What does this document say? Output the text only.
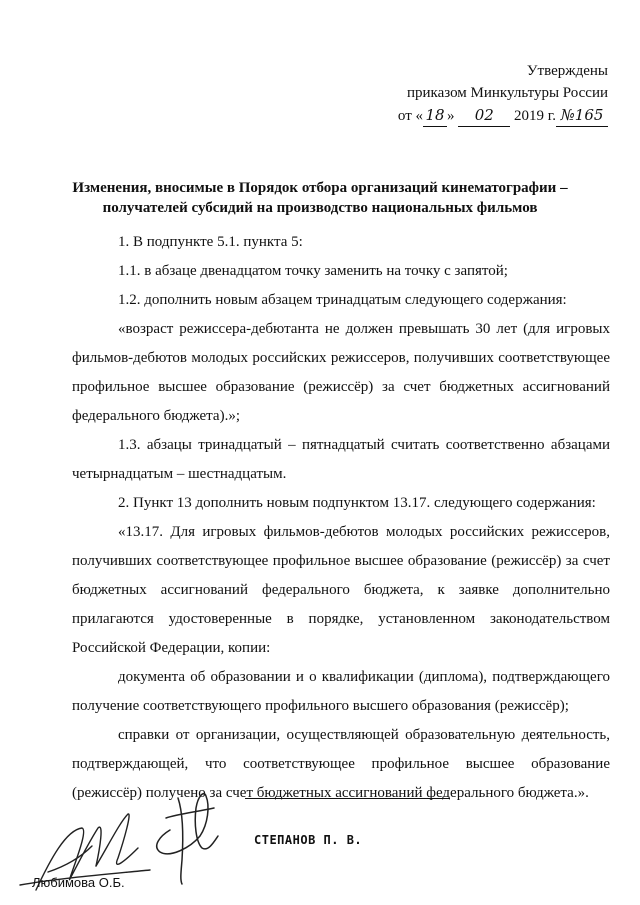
Утверждены
приказом Минкультуры России
от « 18 » 02 2019 г. №165
Изменения, вносимые в Порядок отбора организаций кинематографии –
получателей субсидий на производство национальных фильмов

1. В подпункте 5.1. пункта 5:

1.1. в абзаце двенадцатом точку заменить на точку с запятой;

1.2. дополнить новым абзацем тринадцатым следующего содержания:

«возраст режиссера-дебютанта не должен превышать 30 лет (для игровых фильмов-дебютов молодых российских режиссеров, получивших соответствующее профильное высшее образование (режиссёр) за счет бюджетных ассигнований федерального бюджета).»;

1.3. абзацы тринадцатый – пятнадцатый считать соответственно абзацами четырнадцатым – шестнадцатым.

2. Пункт 13 дополнить новым подпунктом 13.17. следующего содержания:

«13.17. Для игровых фильмов-дебютов молодых российских режиссеров, получивших соответствующее профильное высшее образование (режиссёр) за счет бюджетных ассигнований федерального бюджета, к заявке дополнительно прилагаются удостоверенные в порядке, установленном законодательством Российской Федерации, копии:

документа об образовании и о квалификации (диплома), подтверждающего получение соответствующего профильного высшего образования (режиссёр);

справки от организации, осуществляющей образовательную деятельность, подтверждающей, что соответствующее профильное высшее образование (режиссёр) получено за счет бюджетных ассигнований федерального бюджета.».

СТЕПАНОВ П. В.
Любимова О.Б.
